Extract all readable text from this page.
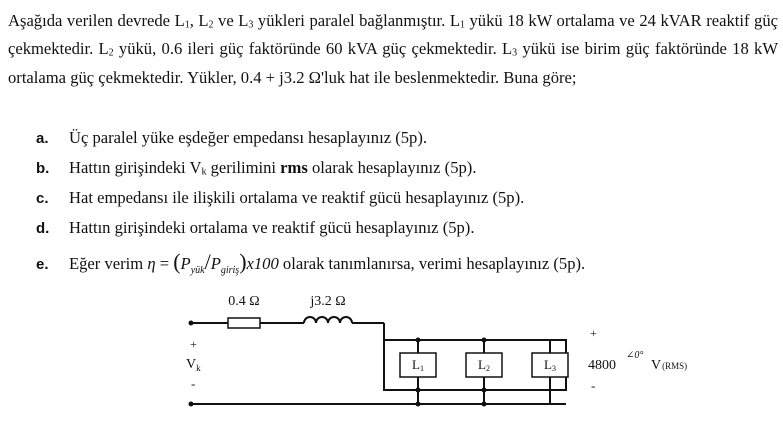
Aşağıda verilen devrede L1, L2 ve L3 yükleri paralel bağlanmıştır. L1 yükü 18 kW ortalama ve 24 kVAR reaktif güç çekmektedir. L2 yükü, 0.6 ileri güç faktöründe 60 kVA güç çekmektedir. L3 yükü ise birim güç faktöründe 18 kW ortalama güç çekmektedir. Yükler, 0.4 + j3.2 Ω'luk hat ile beslenmektedir. Buna göre;

a. Üç paralel yüke eşdeğer empedansı hesaplayınız (5p).
b. Hattın girişindeki Vk gerilimini rms olarak hesaplayınız (5p).
c. Hat empedansı ile ilişkili ortalama ve reaktif gücü hesaplayınız (5p).
d. Hattın girişindeki ortalama ve reaktif gücü hesaplayınız (5p).
e. Eğer verim $\eta = (P_{yük}/P_{giriş})x100$ olarak tanımlanırsa, verimi hesaplayınız (5p).
0.4 Ω	j3.2 Ω
+
$V_k$
-
L1	L2	L3
+
4800
∠0°
V(RMS)
-
